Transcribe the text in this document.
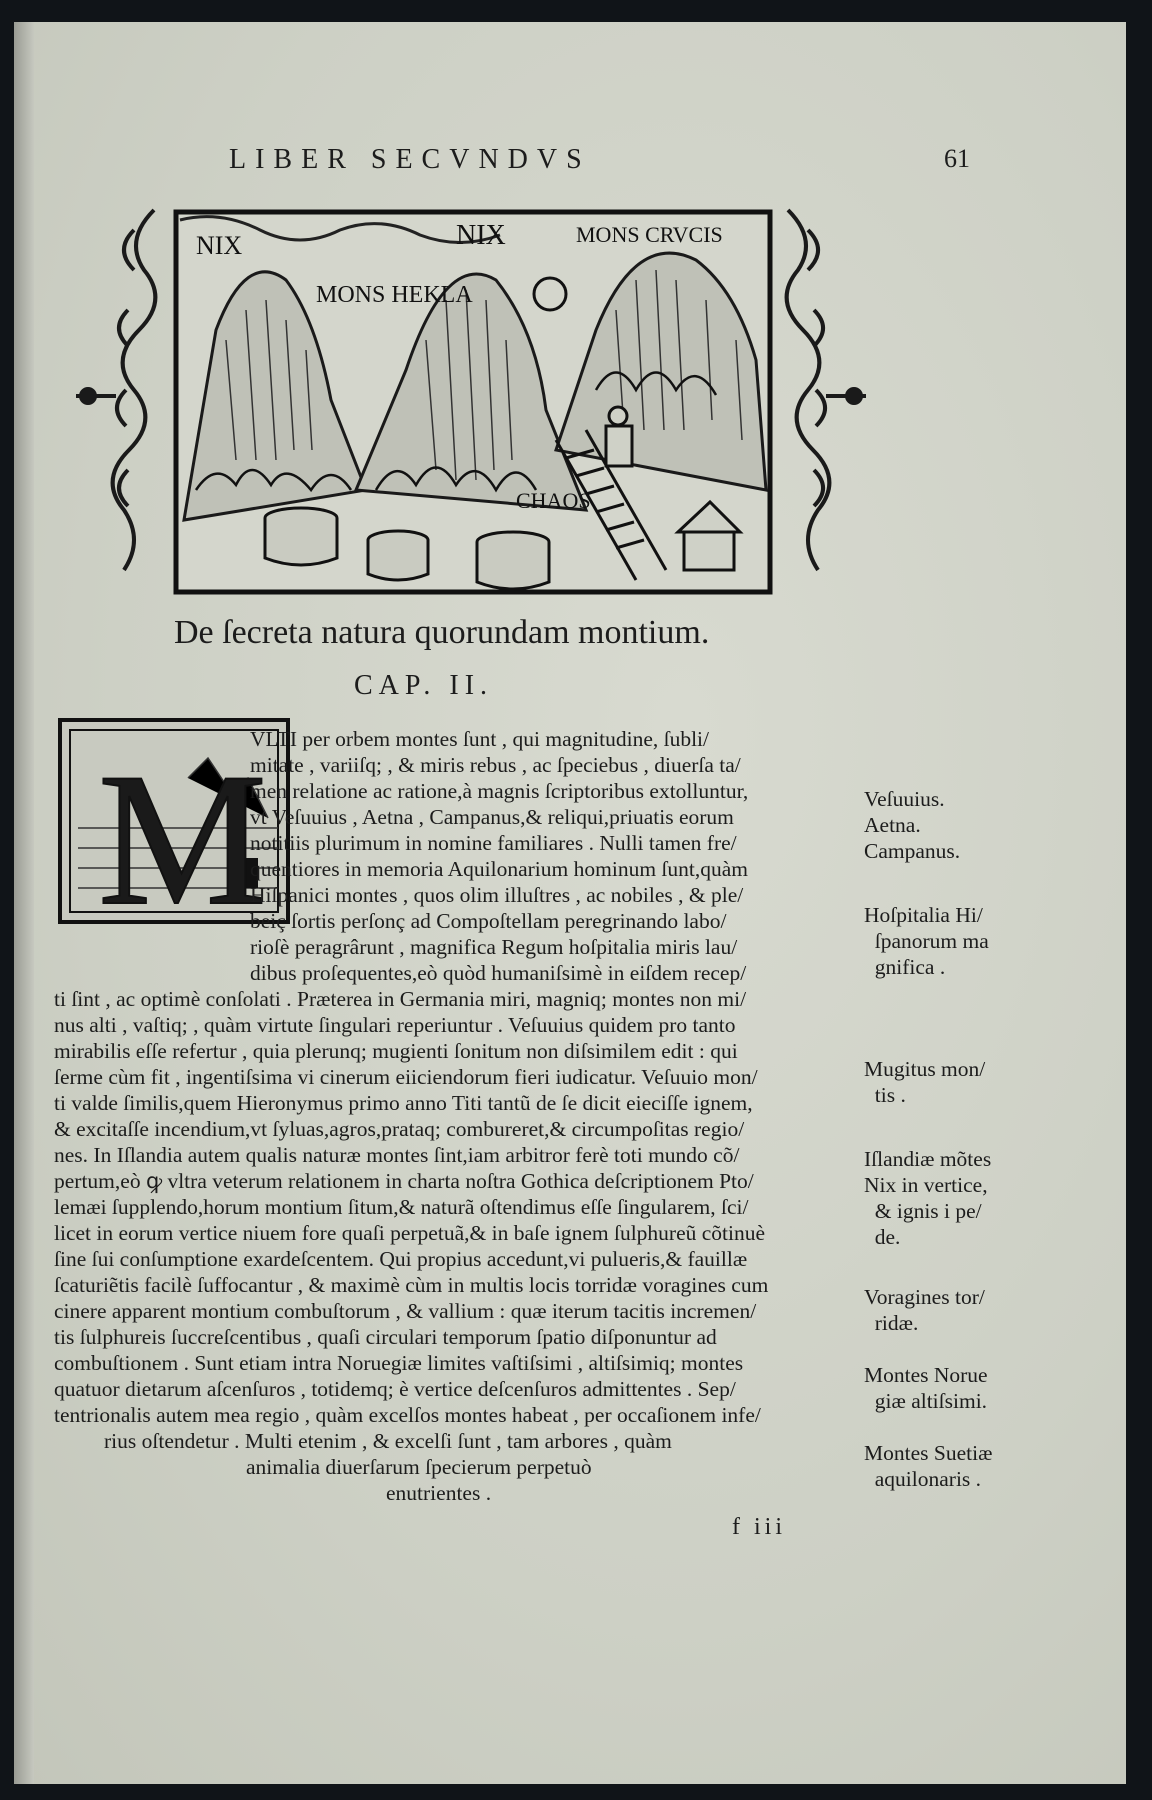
LIBER SECVNDVS	61
NIX	NIX	MONS CRVCIS
MONS HEKLA
CHAOS
De ſecreta natura quorundam montium.
CAP. II.
M
VLTI per orbem montes ſunt , qui magnitudine, ſubli/
mitate , variiſq; , & miris rebus , ac ſpeciebus , diuerſa ta/
men relatione ac ratione,à magnis ſcriptoribus extolluntur,
vt Veſuuius , Aetna , Campanus,& reliqui,priuatis eorum
notitiis plurimum in nomine familiares . Nulli tamen fre/
quentiores in memoria Aquilonarium hominum ſunt,quàm
Hiſpanici montes , quos olim illuſtres , ac nobiles , & ple/
beiç ſortis perſonç ad Compoſtellam peregrinando labo/
rioſè peragrârunt , magnifica Regum hoſpitalia miris lau/
dibus proſequentes,eò quòd humaniſsimè in eiſdem recep/
ti ſint , ac optimè conſolati . Præterea in Germania miri, magniq; montes non mi/
nus alti , vaſtiq; , quàm virtute ſingulari reperiuntur . Veſuuius quidem pro tanto
mirabilis eſſe refertur , quia plerunq; mugienti ſonitum non diſsimilem edit : qui
ſerme cùm fit , ingentiſsima vi cinerum eiiciendorum fieri iudicatur. Veſuuio mon/
ti valde ſimilis,quem Hieronymus primo anno Titi tantũ de ſe dicit eieciſſe ignem,
& excitaſſe incendium,vt ſyluas,agros,prataq; combureret,& circumpoſitas regio/
nes. In Iſlandia autem qualis naturæ montes ſint,iam arbitror ferè toti mundo cõ/
pertum,eò ꝙ vltra veterum relationem in charta noſtra Gothica deſcriptionem Pto/
lemæi ſupplendo,horum montium ſitum,& naturã oſtendimus eſſe ſingularem, ſci/
licet in eorum vertice niuem fore quaſi perpetuã,& in baſe ignem ſulphureũ cõtinuè
ſine ſui conſumptione exardeſcentem. Qui propius accedunt,vi pulueris,& fauillæ
ſcaturiẽtis facilè ſuffocantur , & maximè cùm in multis locis torridæ voragines cum
cinere apparent montium combuſtorum , & vallium : quæ iterum tacitis incremen/
tis ſulphureis ſuccreſcentibus , quaſi circulari temporum ſpatio diſponuntur ad
combuſtionem . Sunt etiam intra Noruegiæ limites vaſtiſsimi , altiſsimiq; montes
quatuor dietarum aſcenſuros , totidemq; è vertice deſcenſuros admittentes . Sep/
tentrionalis autem mea regio , quàm excelſos montes habeat , per occaſionem infe/
rius oſtendetur . Multi etenim , & excelſi ſunt , tam arbores , quàm
animalia diuerſarum ſpecierum perpetuò
enutrientes .
Veſuuius.
Aetna.
Campanus.
Hoſpitalia Hi/
ſpanorum ma
gnifica .
Mugitus mon/
tis .
Iſlandiæ mõtes
Nix in vertice,
& ignis i pe/
de.
Voragines tor/
ridæ.
Montes Norue
giæ altiſsimi.
Montes Suetiæ
aquilonaris .
f iii
